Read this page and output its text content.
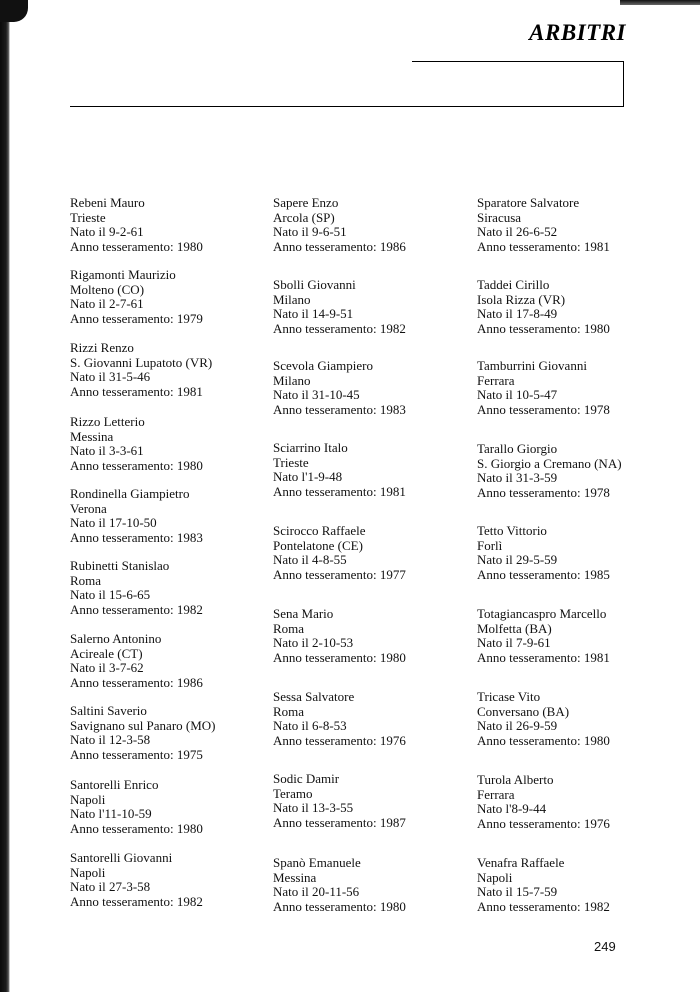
ARBITRI
Rebeni Mauro
Trieste
Nato il 9-2-61
Anno tesseramento: 1980
Rigamonti Maurizio
Molteno (CO)
Nato il 2-7-61
Anno tesseramento: 1979
Rizzi Renzo
S. Giovanni Lupatoto (VR)
Nato il 31-5-46
Anno tesseramento: 1981
Rizzo Letterio
Messina
Nato il 3-3-61
Anno tesseramento: 1980
Rondinella Giampietro
Verona
Nato il 17-10-50
Anno tesseramento: 1983
Rubinetti Stanislao
Roma
Nato il 15-6-65
Anno tesseramento: 1982
Salerno Antonino
Acireale (CT)
Nato il 3-7-62
Anno tesseramento: 1986
Saltini Saverio
Savignano sul Panaro (MO)
Nato il 12-3-58
Anno tesseramento: 1975
Santorelli Enrico
Napoli
Nato l'11-10-59
Anno tesseramento: 1980
Santorelli Giovanni
Napoli
Nato il 27-3-58
Anno tesseramento: 1982
Sapere Enzo
Arcola (SP)
Nato il 9-6-51
Anno tesseramento: 1986
Sbolli Giovanni
Milano
Nato il 14-9-51
Anno tesseramento: 1982
Scevola Giampiero
Milano
Nato il 31-10-45
Anno tesseramento: 1983
Sciarrino Italo
Trieste
Nato l'1-9-48
Anno tesseramento: 1981
Scirocco Raffaele
Pontelatone (CE)
Nato il 4-8-55
Anno tesseramento: 1977
Sena Mario
Roma
Nato il 2-10-53
Anno tesseramento: 1980
Sessa Salvatore
Roma
Nato il 6-8-53
Anno tesseramento: 1976
Sodic Damir
Teramo
Nato il 13-3-55
Anno tesseramento: 1987
Spanò Emanuele
Messina
Nato il 20-11-56
Anno tesseramento: 1980
Sparatore Salvatore
Siracusa
Nato il 26-6-52
Anno tesseramento: 1981
Taddei Cirillo
Isola Rizza (VR)
Nato il 17-8-49
Anno tesseramento: 1980
Tamburrini Giovanni
Ferrara
Nato il 10-5-47
Anno tesseramento: 1978
Tarallo Giorgio
S. Giorgio a Cremano (NA)
Nato il 31-3-59
Anno tesseramento: 1978
Tetto Vittorio
Forlì
Nato il 29-5-59
Anno tesseramento: 1985
Totagiancaspro Marcello
Molfetta (BA)
Nato il 7-9-61
Anno tesseramento: 1981
Tricase Vito
Conversano (BA)
Nato il 26-9-59
Anno tesseramento: 1980
Turola Alberto
Ferrara
Nato l'8-9-44
Anno tesseramento: 1976
Venafra Raffaele
Napoli
Nato il 15-7-59
Anno tesseramento: 1982
249
